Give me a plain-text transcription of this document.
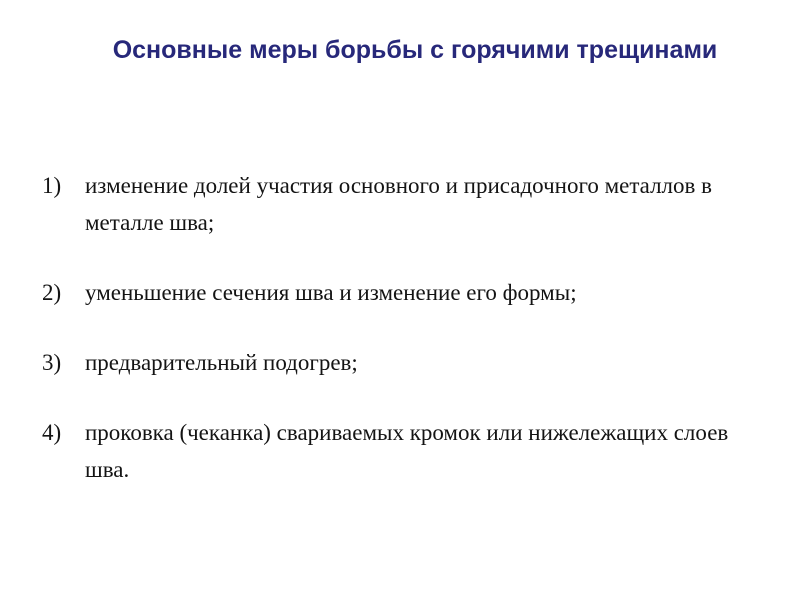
Основные меры борьбы с горячими трещинами
1)	изменение долей участия основного и присадочного металлов в металле шва;
2)	уменьшение сечения шва и изменение его формы;
3)	предварительный подогрев;
4)	проковка (чеканка) свариваемых кромок или нижележащих слоев шва.
